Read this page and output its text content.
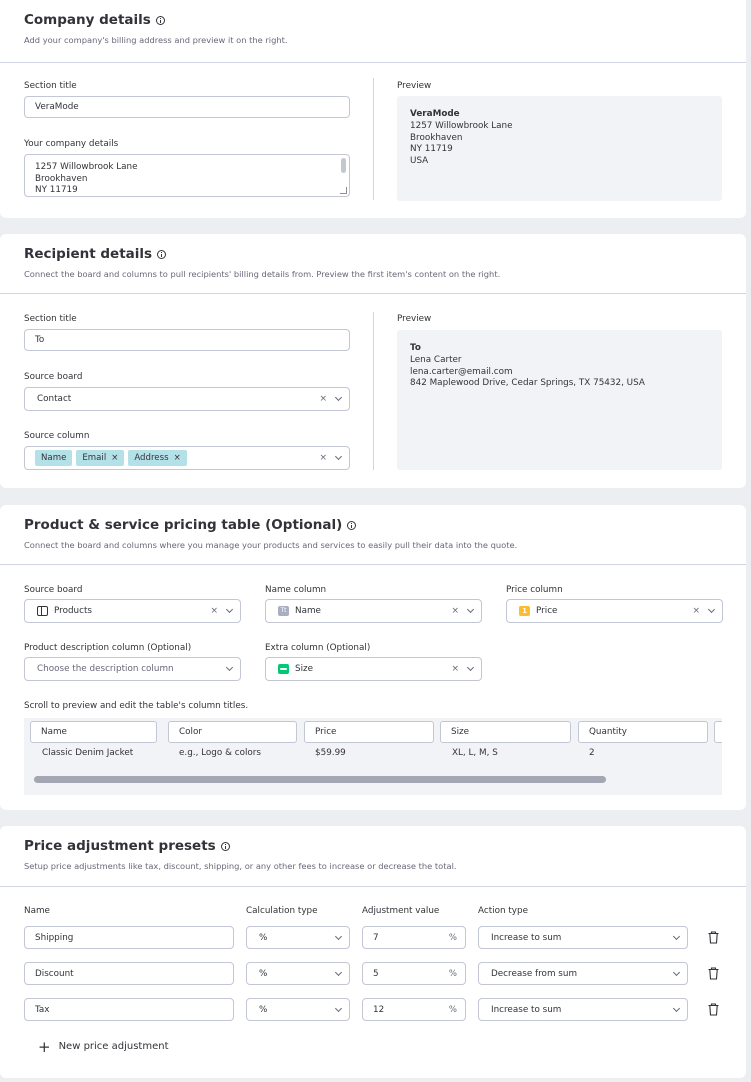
Company details
Add your company's billing address and preview it on the right.
Section title
VeraMode
Your company details
1257 Willowbrook Lane
Brookhaven
NY 11719
Preview
VeraMode
1257 Willowbrook Lane
Brookhaven
NY 11719
USA
Recipient details
Connect the board and columns to pull recipients' billing details from. Preview the first item's content on the right.
Section title
To
Source board
Contact	×
Source column
Name Email × Address ×	×
Preview
To
Lena Carter
lena.carter@email.com
842 Maplewood Drive, Cedar Springs, TX 75432, USA
Product & service pricing table (Optional)
Connect the board and columns where you manage your products and services to easily pull their data into the quote.
Source board
Products	×
Name column
Tt Name	×
Price column
1	Price	×
Product description column (Optional)
Choose the description column
Extra column (Optional)
Size	×
Scroll to preview and edit the table's column titles.
Name	Color	Price	Size	Quantity
Classic Denim Jacket	e.g., Logo & colors	$59.99	XL, L, M, S	2
Price adjustment presets
Setup price adjustments like tax, discount, shipping, or any other fees to increase or decrease the total.
Name	Calculation type	Adjustment value	Action type
Shipping	%	7	%	Increase to sum
Discount	%	5	%	Decrease from sum
Tax	%	12	%	Increase to sum
+ New price adjustment
